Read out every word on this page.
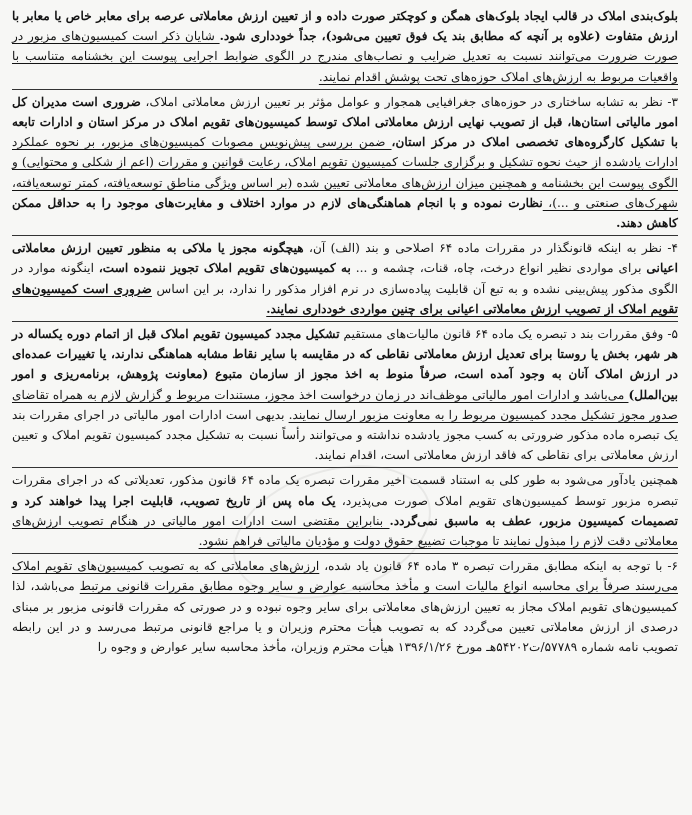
بلوک‌بندی املاک در قالب ایجاد بلوک‌های همگن و کوچکتر صورت داده و از تعیین ارزش معاملاتی عرصه برای معابر خاص یا معابر با ارزش متفاوت (علاوه بر آنچه که مطابق بند یک فوق تعیین می‌شود)، جداً خودداری شود. شایان ذکر است کمیسیون‌های مزبور در صورت ضرورت می‌توانند نسبت به تعدیل ضرایب و نصاب‌های مندرج در الگوی ضوابط اجرایی پیوست این بخشنامه متناسب با واقعیات مربوط به ارزش‌های املاک حوزه‌های تحت پوشش اقدام نمایند.

۳- نظر به تشابه ساختاری در حوزه‌های جغرافیایی همجوار و عوامل مؤثر بر تعیین ارزش معاملاتی املاک، ضروری است مدیران کل امور مالیاتی استان‌ها، قبل از تصویب نهایی ارزش معاملاتی املاک توسط کمیسیون‌های تقویم املاک در مرکز استان و ادارات تابعه با تشکیل کارگروه‌های تخصصی املاک در مرکز استان، ضمن بررسی پیش‌نویس مصوبات کمیسیون‌های مزبور، بر نحوه عملکرد ادارات یادشده از حیث نحوه تشکیل و برگزاری جلسات کمیسیون تقویم املاک، رعایت قوانین و مقررات (اعم از شکلی و محتوایی) و الگوی پیوست این بخشنامه و همچنین میزان ارزش‌های معاملاتی تعیین شده (بر اساس ویژگی مناطق توسعه‌یافته، کمتر توسعه‌یافته، شهرک‌های صنعتی و ...)، نظارت نموده و با انجام هماهنگی‌های لازم در موارد اختلاف و مغایرت‌های موجود را به حداقل ممکن کاهش دهند.

۴- نظر به اینکه قانونگذار در مقررات ماده ۶۴ اصلاحی و بند (الف) آن، هیچگونه مجوز یا ملاکی به منظور تعیین ارزش معاملاتی اعیانی برای مواردی نظیر انواع درخت، چاه، قنات، چشمه و ... به کمیسیون‌های تقویم املاک تجویز ننموده است، اینگونه موارد در الگوی مذکور پیش‌بینی نشده و به تبع آن قابلیت پیاده‌سازی در نرم افزار مذکور را ندارد، بر این اساس ضروری است کمیسیون‌های تقویم املاک از تصویب ارزش معاملاتی اعیانی برای چنین مواردی خودداری نمایند.

۵- وفق مقررات بند د تبصره یک ماده ۶۴ قانون مالیات‌های مستقیم تشکیل مجدد کمیسیون تقویم املاک قبل از اتمام دوره یکساله در هر شهر، بخش یا روستا برای تعدیل ارزش معاملاتی نقاطی که در مقایسه با سایر نقاط مشابه هماهنگی ندارند، یا تغییرات عمده‌ای در ارزش املاک آنان به وجود آمده است، صرفاً منوط به اخذ مجوز از سازمان متبوع (معاونت پژوهش، برنامه‌ریزی و امور بین‌الملل) می‌باشد و ادارات امور مالیاتی موظف‌اند در زمان درخواست اخذ مجوز، مستندات مربوط و گزارش لازم به همراه تقاضای صدور مجوز تشکیل مجدد کمیسیون مربوط را به معاونت مزبور ارسال نمایند. بدیهی است ادارات امور مالیاتی در اجرای مقررات بند یک تبصره ماده مذکور ضرورتی به کسب مجوز یادشده نداشته و می‌توانند رأساً نسبت به تشکیل مجدد کمیسیون تقویم املاک و تعیین ارزش معاملاتی برای نقاطی که فاقد ارزش معاملاتی است، اقدام نمایند.

همچنین یادآور می‌شود به طور کلی به استناد قسمت اخیر مقررات تبصره یک ماده ۶۴ قانون مذکور، تعدیلاتی که در اجرای مقررات تبصره مزبور توسط کمیسیون‌های تقویم املاک صورت می‌پذیرد، یک ماه پس از تاریخ تصویب، قابلیت اجرا پیدا خواهند کرد و تصمیمات کمیسیون مزبور، عطف به ماسبق نمی‌گردد. بنابراین مقتضی است ادارات امور مالیاتی در هنگام تصویب ارزش‌های معاملاتی دقت لازم را مبذول نمایند تا موجبات تضییع حقوق دولت و مؤدیان مالیاتی فراهم نشود.

۶- با توجه به اینکه مطابق مقررات تبصره ۳ ماده ۶۴ قانون یاد شده، ارزش‌های معاملاتی که به تصویب کمیسیون‌های تقویم املاک می‌رسند صرفاً برای محاسبه انواع مالیات است و مأخذ محاسبه عوارض و سایر وجوه مطابق مقررات قانونی مرتبط می‌باشد، لذا کمیسیون‌های تقویم املاک مجاز به تعیین ارزش‌های معاملاتی برای سایر وجوه نبوده و در صورتی که مقررات قانونی مزبور بر مبنای درصدی از ارزش معاملاتی تعیین می‌گردد که به تصویب هیأت محترم وزیران و یا مراجع قانونی مرتبط می‌رسد و در این رابطه تصویب نامه شماره ۵۷۷۸۹/ت۵۴۲۰۲هـ مورخ ۱۳۹۶/۱/۲۶ هیأت محترم وزیران، مأخذ محاسبه سایر عوارض و وجوه را
